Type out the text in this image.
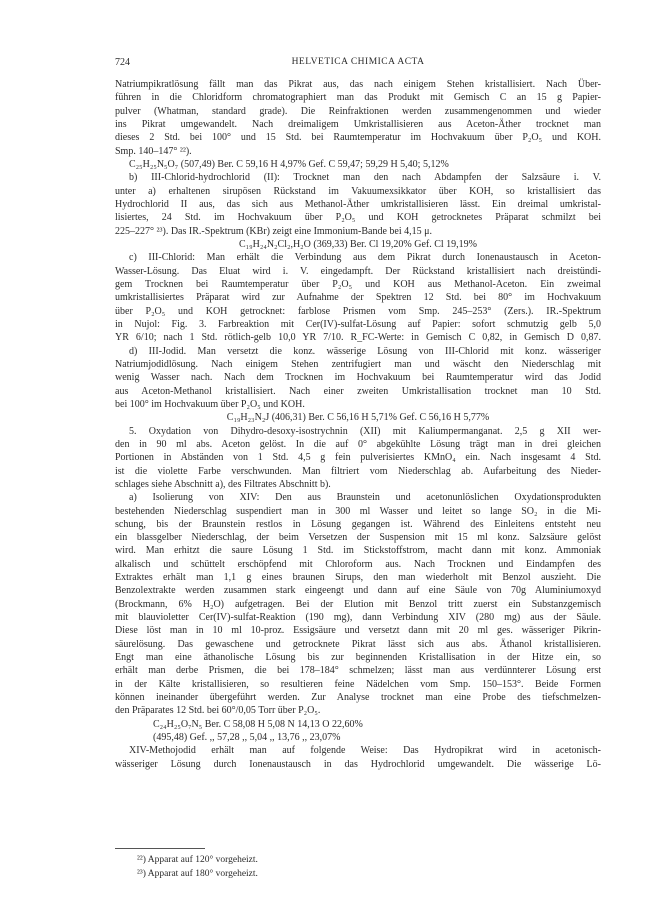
724	HELVETICA CHIMICA ACTA
Natriumpikratlösung fällt man das Pikrat aus, das nach einigem Stehen kristallisiert. Nach Über-
führen in die Chloridform chromatographiert man das Produkt mit Gemisch C an 15 g Papier-
pulver (Whatman, standard grade). Die Reinfraktionen werden zusammengenommen und wieder
ins Pikrat umgewandelt. Nach dreimaligem Umkristallisieren aus Aceton-Äther trocknet man
dieses 2 Std. bei 100° und 15 Std. bei Raumtemperatur im Hochvakuum über P₂O₅ und KOH.
Smp. 140–147° ²²).
C₂₅H₂₅N₅O₇ (507,49) Ber. C 59,16 H 4,97% Gef. C 59,47; 59,29 H 5,40; 5,12%
b) III-Chlorid-hydrochlorid (II): Trocknet man den nach Abdampfen der Salzsäure i. V.
unter a) erhaltenen sirupösen Rückstand im Vakuumexsikkator über KOH, so kristallisiert das
Hydrochlorid II aus, das sich aus Methanol-Äther umkristallisieren lässt. Ein dreimal umkristal-
lisiertes, 24 Std. im Hochvakuum über P₂O₅ und KOH getrocknetes Präparat schmilzt bei
225–227° ²³). Das IR.-Spektrum (KBr) zeigt eine Immonium-Bande bei 4,15 μ.
C₁₉H₂₄N₂Cl₂,H₂O (369,33) Ber. Cl 19,20% Gef. Cl 19,19%
c) III-Chlorid: Man erhält die Verbindung aus dem Pikrat durch Ionenaustausch in Aceton-
Wasser-Lösung. Das Eluat wird i. V. eingedampft. Der Rückstand kristallisiert nach dreistündi-
gem Trocknen bei Raumtemperatur über P₂O₅ und KOH aus Methanol-Aceton. Ein zweimal
umkristallisiertes Präparat wird zur Aufnahme der Spektren 12 Std. bei 80° im Hochvakuum
über P₂O₅ und KOH getrocknet: farblose Prismen vom Smp. 245–253° (Zers.). IR.-Spektrum
in Nujol: Fig. 3. Farbreaktion mit Cer(IV)-sulfat-Lösung auf Papier: sofort schmutzig gelb 5,0
YR 6/10; nach 1 Std. rötlich-gelb 10,0 YR 7/10. R_FC-Werte: in Gemisch C 0,82, in Gemisch D 0,87.
d) III-Jodid. Man versetzt die konz. wässerige Lösung von III-Chlorid mit konz. wässeriger
Natriumjodidlösung. Nach einigem Stehen zentrifugiert man und wäscht den Niederschlag mit
wenig Wasser nach. Nach dem Trocknen im Hochvakuum bei Raumtemperatur wird das Jodid
aus Aceton-Methanol kristallisiert. Nach einer zweiten Umkristallisation trocknet man 10 Std.
bei 100° im Hochvakuum über P₂O₅ und KOH.
C₁₉H₂₃N₂J (406,31) Ber. C 56,16 H 5,71% Gef. C 56,16 H 5,77%
5. Oxydation von Dihydro-desoxy-isostrychnin (XII) mit Kaliumpermanganat. 2,5 g XII wer-
den in 90 ml abs. Aceton gelöst. In die auf 0° abgekühlte Lösung trägt man in drei gleichen
Portionen in Abständen von 1 Std. 4,5 g fein pulverisiertes KMnO₄ ein. Nach insgesamt 4 Std.
ist die violette Farbe verschwunden. Man filtriert vom Niederschlag ab. Aufarbeitung des Nieder-
schlages siehe Abschnitt a), des Filtrates Abschnitt b).
a) Isolierung von XIV: Den aus Braunstein und acetonunlöslichen Oxydationsprodukten
bestehenden Niederschlag suspendiert man in 300 ml Wasser und leitet so lange SO₂ in die Mi-
schung, bis der Braunstein restlos in Lösung gegangen ist. Während des Einleitens entsteht neu
ein blassgelber Niederschlag, der beim Versetzen der Suspension mit 15 ml konz. Salzsäure gelöst
wird. Man erhitzt die saure Lösung 1 Std. im Stickstoffstrom, macht dann mit konz. Ammoniak
alkalisch und schüttelt erschöpfend mit Chloroform aus. Nach Trocknen und Eindampfen des
Extraktes erhält man 1,1 g eines braunen Sirups, den man wiederholt mit Benzol auszieht. Die
Benzolextrakte werden zusammen stark eingeengt und dann auf eine Säule von 70g Aluminiumoxyd
(Brockmann, 6% H₂O) aufgetragen. Bei der Elution mit Benzol tritt zuerst ein Substanzgemisch
mit blauvioletter Cer(IV)-sulfat-Reaktion (190 mg), dann Verbindung XIV (280 mg) aus der Säule.
Diese löst man in 10 ml 10-proz. Essigsäure und versetzt dann mit 20 ml ges. wässeriger Pikrin-
säurelösung. Das gewaschene und getrocknete Pikrat lässt sich aus abs. Äthanol kristallisieren.
Engt man eine äthanolische Lösung bis zur beginnenden Kristallisation in der Hitze ein, so
erhält man derbe Prismen, die bei 178–184° schmelzen; lässt man aus verdünnterer Lösung erst
in der Kälte kristallisieren, so resultieren feine Nädelchen vom Smp. 150–153°. Beide Formen
können ineinander übergeführt werden. Zur Analyse trocknet man eine Probe des tiefschmelzen-
den Präparates 12 Std. bei 60°/0,05 Torr über P₂O₅.
C₂₄H₂₅O₇N₅ Ber. C 58,08 H 5,08 N 14,13 O 22,60%
(495,48) Gef. ,, 57,28 ,, 5,04 ,, 13,76 ,, 23,07%
XIV-Methojodid erhält man auf folgende Weise: Das Hydropikrat wird in acetonisch-
wässeriger Lösung durch Ionenaustausch in das Hydrochlorid umgewandelt. Die wässerige Lö-
²²) Apparat auf 120° vorgeheizt.
²³) Apparat auf 180° vorgeheizt.
